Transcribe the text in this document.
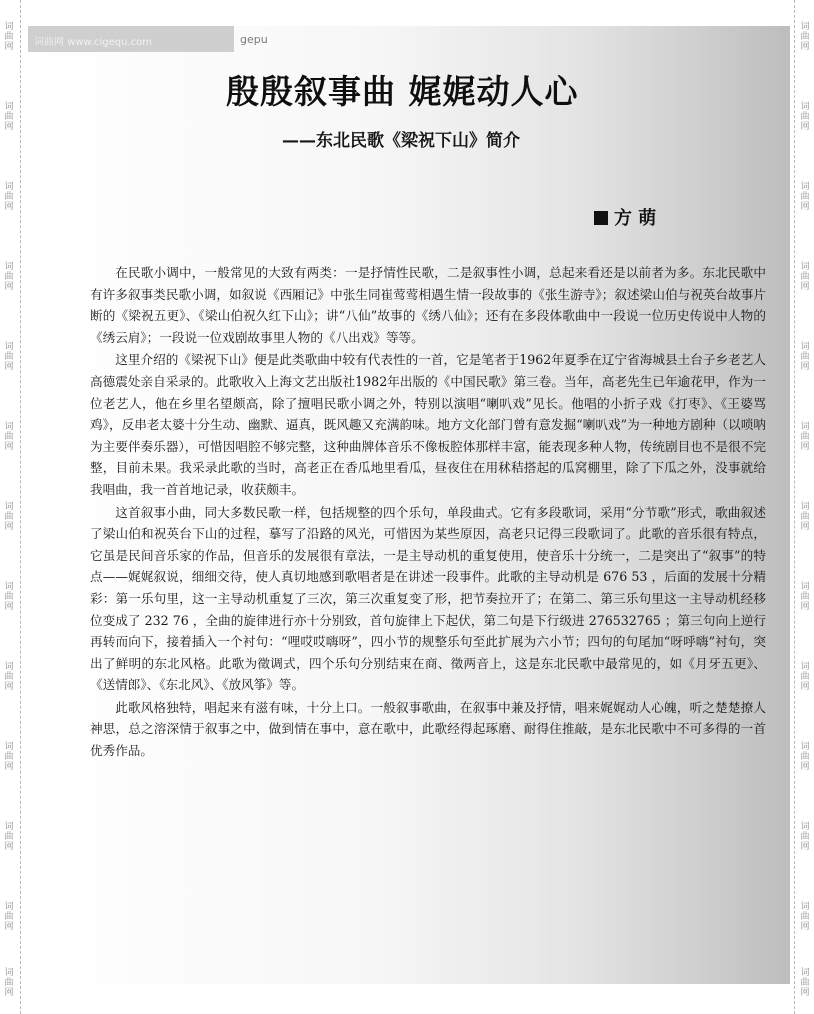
词
曲
网
词
曲
网
词
曲
网
词
曲
网
词
曲
网
词
曲
网
词
曲
网
词
曲
网
词
曲
网
词
曲
网
词
曲
网
词
曲
网
词
曲
网
词
曲
网
词
曲
网
词
曲
网
词
曲
网
词
曲
网
词
曲
网
词
曲
网
词
曲
网
词
曲
网
词
曲
网
词
曲
网
词
曲
网
词
曲
网
词曲网 www.cigequ.com	gepu
殷殷叙事曲 娓娓动人心
——东北民歌《梁祝下山》简介
方 萌

在民歌小调中，一般常见的大致有两类：一是抒情性民歌，二是叙事性小调，总起来看还是以前者为多。东北民歌中有许多叙事类民歌小调，如叙说《西厢记》中张生同崔莺莺相遇生情一段故事的《张生游寺》；叙述梁山伯与祝英台故事片断的《梁祝五更》、《梁山伯祝久红下山》；讲“八仙”故事的《绣八仙》；还有在多段体歌曲中一段说一位历史传说中人物的《绣云肩》；一段说一位戏剧故事里人物的《八出戏》等等。

这里介绍的《梁祝下山》便是此类歌曲中较有代表性的一首，它是笔者于1962年夏季在辽宁省海城县土台子乡老艺人高德震处亲自采录的。此歌收入上海文艺出版社1982年出版的《中国民歌》第三卷。当年，高老先生已年逾花甲，作为一位老艺人，他在乡里名望颇高，除了擅唱民歌小调之外，特别以演唱“喇叭戏”见长。他唱的小折子戏《打枣》、《王婆骂鸡》，反串老太婆十分生动、幽默、逼真，既风趣又充满韵味。地方文化部门曾有意发掘“喇叭戏”为一种地方剧种（以唢呐为主要伴奏乐器），可惜因唱腔不够完整，这种曲牌体音乐不像板腔体那样丰富，能表现多种人物，传统剧目也不是很不完整，目前未果。我采录此歌的当时，高老正在香瓜地里看瓜，昼夜住在用秫秸搭起的瓜窝棚里，除了下瓜之外，没事就给我唱曲，我一首首地记录，收获颇丰。

这首叙事小曲，同大多数民歌一样，包括规整的四个乐句，单段曲式。它有多段歌词，采用“分节歌”形式，歌曲叙述了梁山伯和祝英台下山的过程，摹写了沿路的风光，可惜因为某些原因，高老只记得三段歌词了。此歌的音乐很有特点，它虽是民间音乐家的作品，但音乐的发展很有章法，一是主导动机的重复使用，使音乐十分统一，二是突出了“叙事”的特点——娓娓叙说，细细交待，使人真切地感到歌唱者是在讲述一段事件。此歌的主导动机是 676 53 ，后面的发展十分精彩：第一乐句里，这一主导动机重复了三次，第三次重复变了形，把节奏拉开了；在第二、第三乐句里这一主导动机经移位变成了 232 76 ，全曲的旋律进行亦十分别致，首句旋律上下起伏，第二句是下行级进 276532765 ；第三句向上逆行再转而向下，接着插入一个衬句：“哩哎哎嗨呀”，四小节的规整乐句至此扩展为六小节；四句的句尾加“呀呼嗨”衬句，突出了鲜明的东北风格。此歌为徵调式，四个乐句分别结束在商、徵两音上，这是东北民歌中最常见的，如《月牙五更》、《送情郎》、《东北风》、《放风筝》等。

此歌风格独特，唱起来有滋有味，十分上口。一般叙事歌曲，在叙事中兼及抒情，唱来娓娓动人心魄，听之楚楚撩人神思，总之溶深情于叙事之中，做到情在事中，意在歌中，此歌经得起琢磨、耐得住推敲，是东北民歌中不可多得的一首优秀作品。
